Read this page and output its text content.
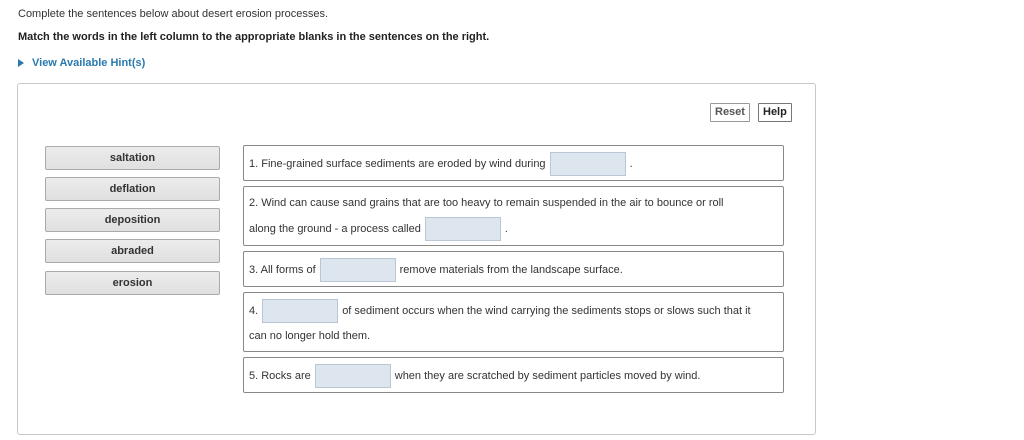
Complete the sentences below about desert erosion processes.
Match the words in the left column to the appropriate blanks in the sentences on the right.
View Available Hint(s)
Reset	Help
saltation
deflation
deposition
abraded
erosion
1. Fine-grained surface sediments are eroded by wind during	.
2. Wind can cause sand grains that are too heavy to remain suspended in the air to bounce or roll
along the ground - a process called	.
3. All forms of	remove materials from the landscape surface.
4.	of sediment occurs when the wind carrying the sediments stops or slows such that it
can no longer hold them.
5. Rocks are	when they are scratched by sediment particles moved by wind.
